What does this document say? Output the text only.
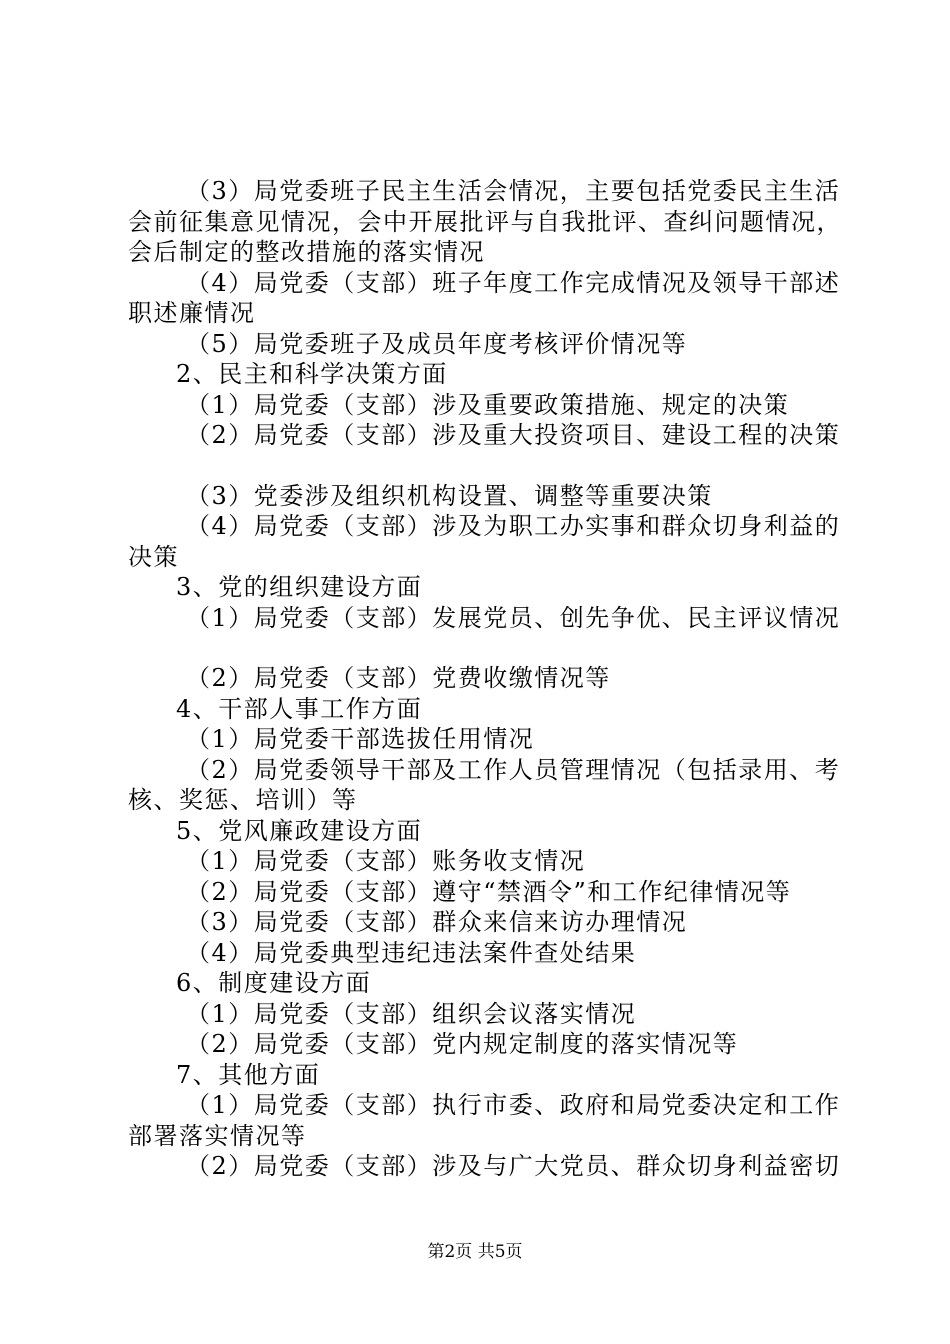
（3）局党委班子民主生活会情况，主要包括党委民主生活
会前征集意见情况，会中开展批评与自我批评、查纠问题情况，
会后制定的整改措施的落实情况
（4）局党委（支部）班子年度工作完成情况及领导干部述
职述廉情况
（5）局党委班子及成员年度考核评价情况等
2、民主和科学决策方面
（1）局党委（支部）涉及重要政策措施、规定的决策
（2）局党委（支部）涉及重大投资项目、建设工程的决策
（3）党委涉及组织机构设置、调整等重要决策
（4）局党委（支部）涉及为职工办实事和群众切身利益的
决策
3、党的组织建设方面
（1）局党委（支部）发展党员、创先争优、民主评议情况
（2）局党委（支部）党费收缴情况等
4、干部人事工作方面
（1）局党委干部选拔任用情况
（2）局党委领导干部及工作人员管理情况（包括录用、考
核、奖惩、培训）等
5、党风廉政建设方面
（1）局党委（支部）账务收支情况
（2）局党委（支部）遵守“禁酒令”和工作纪律情况等
（3）局党委（支部）群众来信来访办理情况
（4）局党委典型违纪违法案件查处结果
6、制度建设方面
（1）局党委（支部）组织会议落实情况
（2）局党委（支部）党内规定制度的落实情况等
7、其他方面
（1）局党委（支部）执行市委、政府和局党委决定和工作
部署落实情况等
（2）局党委（支部）涉及与广大党员、群众切身利益密切
第2页 共5页
